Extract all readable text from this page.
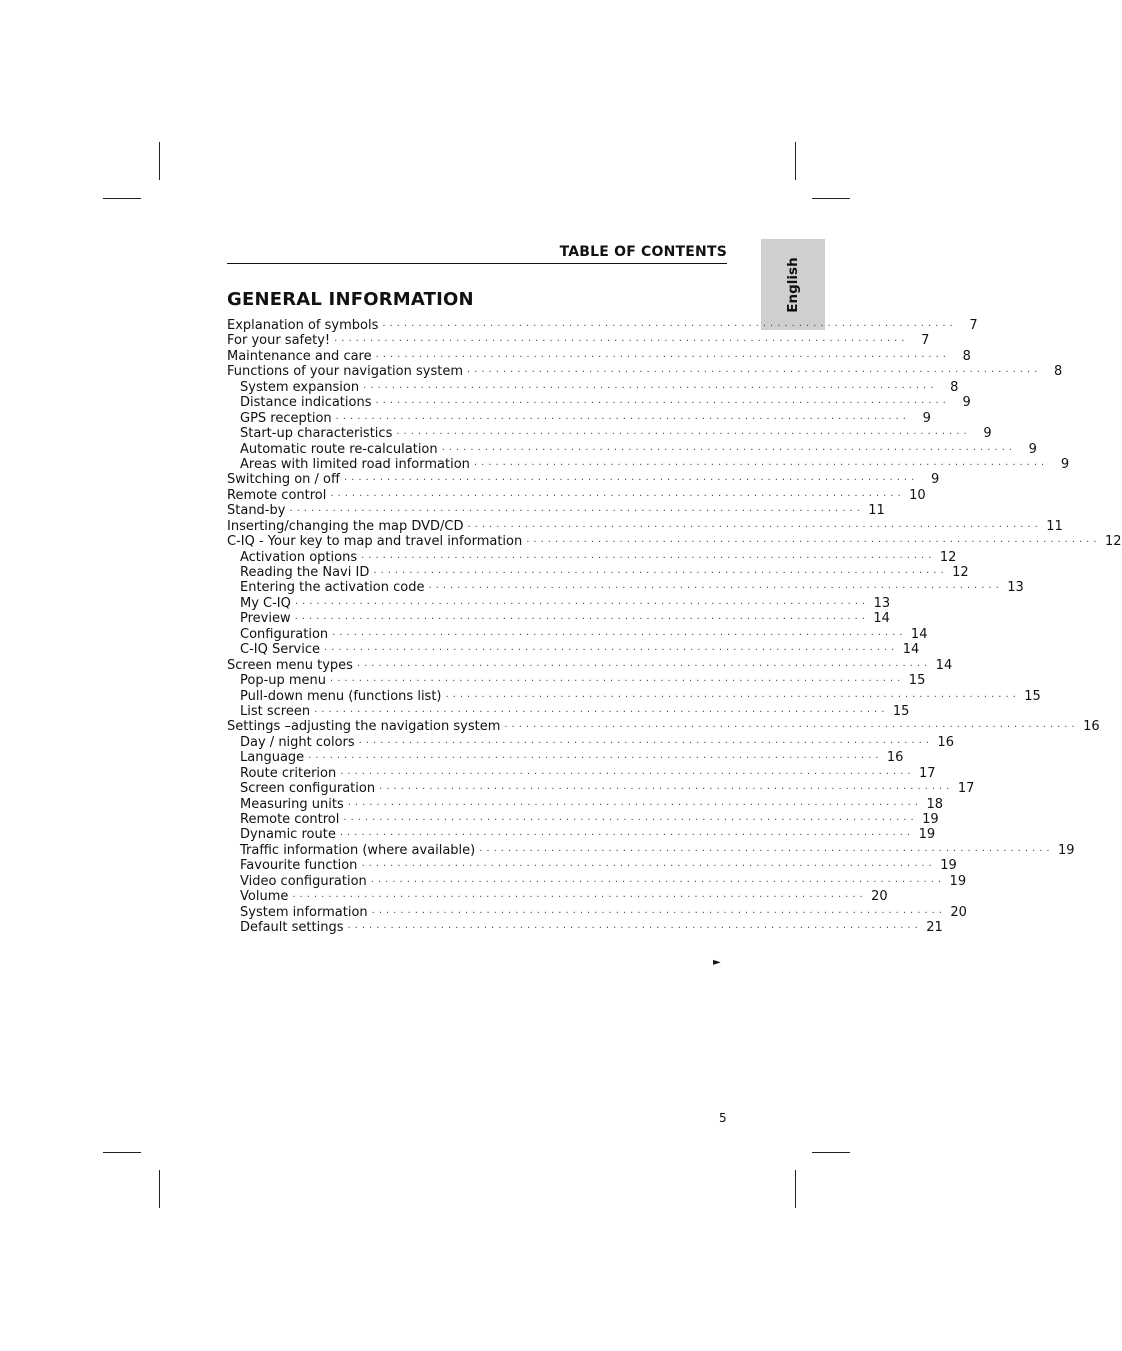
English
TABLE OF CONTENTS
GENERAL INFORMATION
Explanation of symbols ················································································ 7
For your safety! ················································································ 7
Maintenance and care ················································································ 8
Functions of your navigation system ················································································ 8
System expansion ················································································ 8
Distance indications ················································································ 9
GPS reception ················································································ 9
Start-up characteristics ················································································ 9
Automatic route re-calculation ················································································ 9
Areas with limited road information ················································································ 9
Switching on / off ················································································ 9
Remote control ················································································ 10
Stand-by ················································································ 11
Inserting/changing the map DVD/CD ················································································ 11
C-IQ - Your key to map and travel information ················································································ 12
Activation options ················································································ 12
Reading the Navi ID ················································································ 12
Entering the activation code ················································································ 13
My C-IQ ················································································ 13
Preview ················································································ 14
Configuration ················································································ 14
C-IQ Service ················································································ 14
Screen menu types ················································································ 14
Pop-up menu ················································································ 15
Pull-down menu (functions list) ················································································ 15
List screen ················································································ 15
Settings –adjusting the navigation system ················································································ 16
Day / night colors ················································································ 16
Language ················································································ 16
Route criterion ················································································ 17
Screen configuration ················································································ 17
Measuring units ················································································ 18
Remote control ················································································ 19
Dynamic route ················································································ 19
Traffic information (where available) ················································································ 19
Favourite function ················································································ 19
Video configuration ················································································ 19
Volume ················································································ 20
System information ················································································ 20
Default settings ················································································ 21
►
5
